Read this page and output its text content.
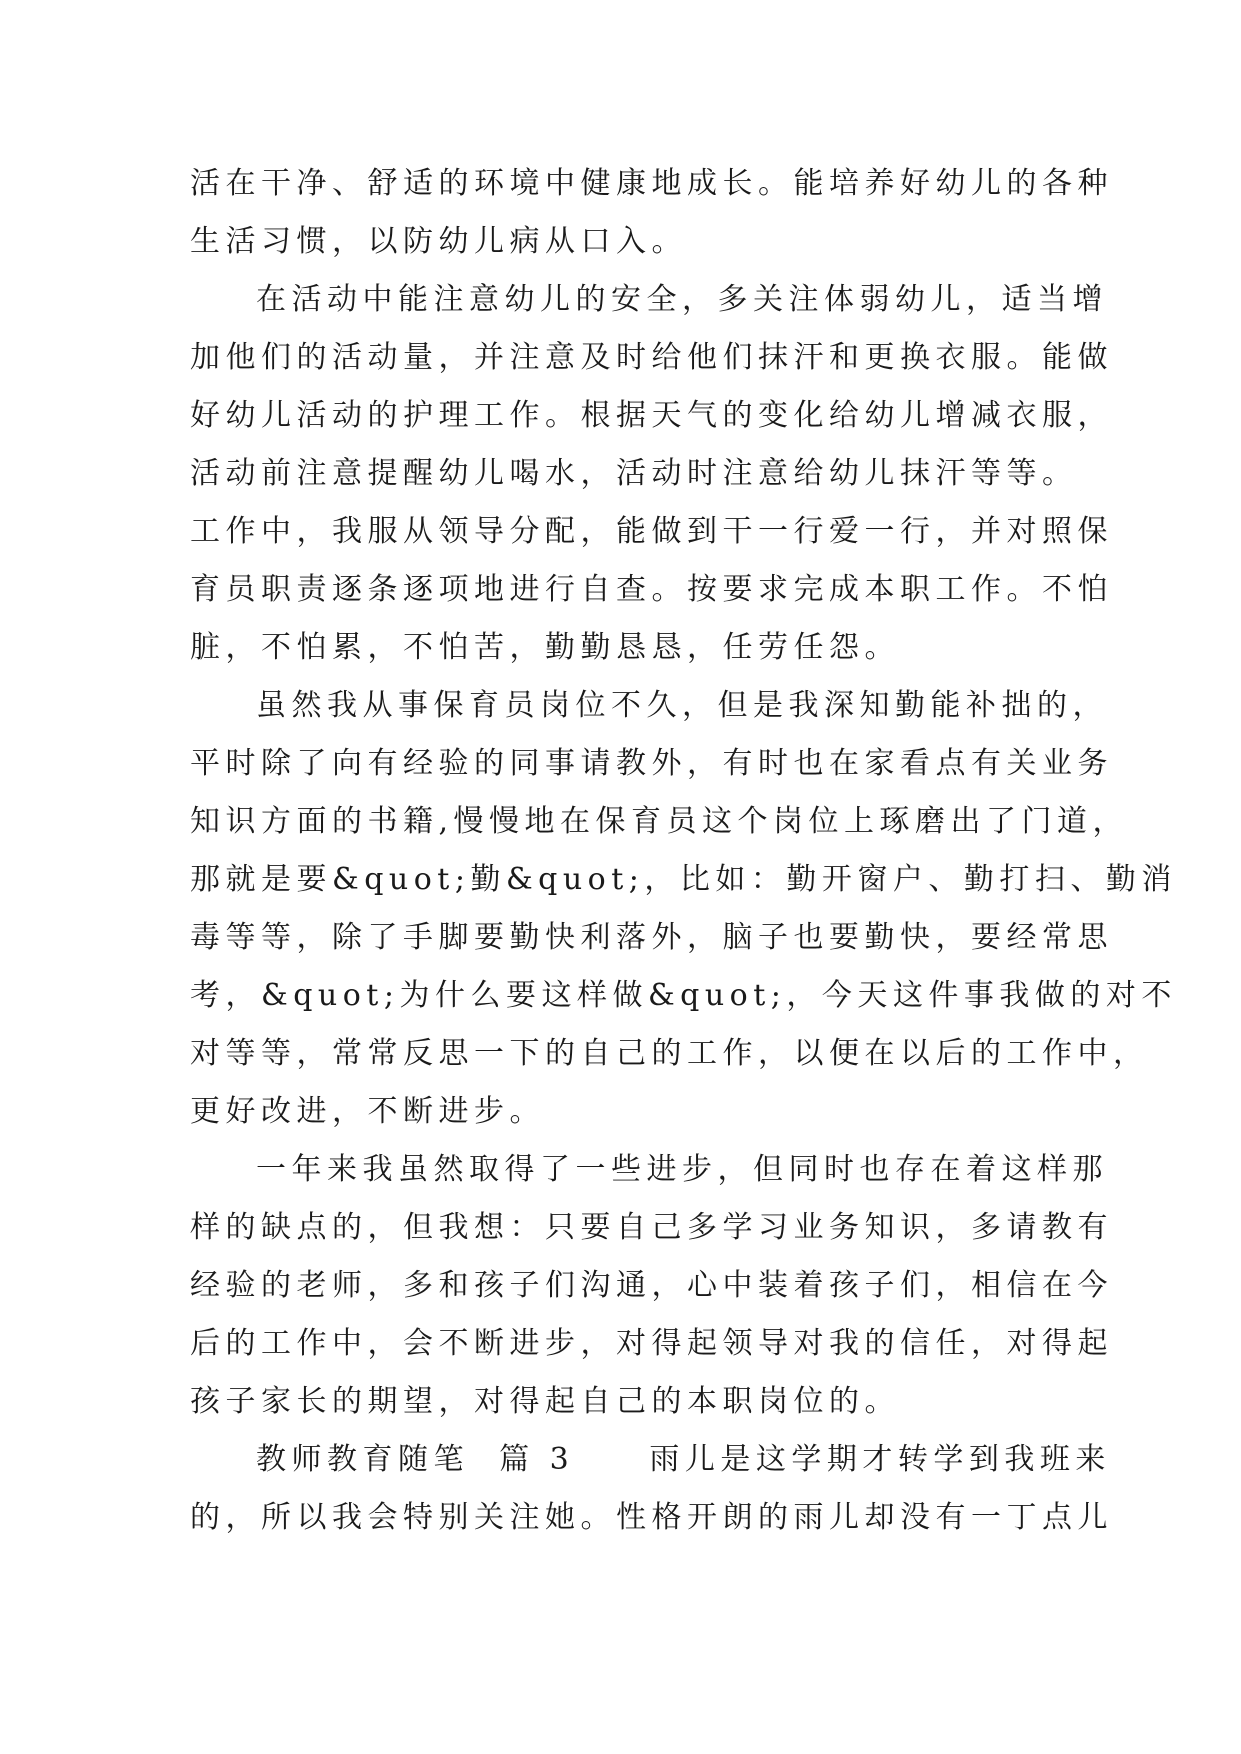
活在干净、舒适的环境中健康地成长。能培养好幼儿的各种
生活习惯，以防幼儿病从口入。
在活动中能注意幼儿的安全，多关注体弱幼儿，适当增
加他们的活动量，并注意及时给他们抹汗和更换衣服。能做
好幼儿活动的护理工作。根据天气的变化给幼儿增减衣服，
活动前注意提醒幼儿喝水，活动时注意给幼儿抹汗等等。
工作中，我服从领导分配，能做到干一行爱一行，并对照保
育员职责逐条逐项地进行自查。按要求完成本职工作。不怕
脏，不怕累，不怕苦，勤勤恳恳，任劳任怨。
虽然我从事保育员岗位不久，但是我深知勤能补拙的，
平时除了向有经验的同事请教外，有时也在家看点有关业务
知识方面的书籍,慢慢地在保育员这个岗位上琢磨出了门道，
那就是要&quot;勤&quot;，比如：勤开窗户、勤打扫、勤消
毒等等，除了手脚要勤快利落外，脑子也要勤快，要经常思
考，&quot;为什么要这样做&quot;，今天这件事我做的对不
对等等，常常反思一下的自己的工作，以便在以后的工作中，
更好改进，不断进步。
一年来我虽然取得了一些进步，但同时也存在着这样那
样的缺点的，但我想：只要自己多学习业务知识，多请教有
经验的老师，多和孩子们沟通，心中装着孩子们，相信在今
后的工作中，会不断进步，对得起领导对我的信任，对得起
孩子家长的期望，对得起自己的本职岗位的。
教师教育随笔  篇 3     雨儿是这学期才转学到我班来
的，所以我会特别关注她。性格开朗的雨儿却没有一丁点儿
